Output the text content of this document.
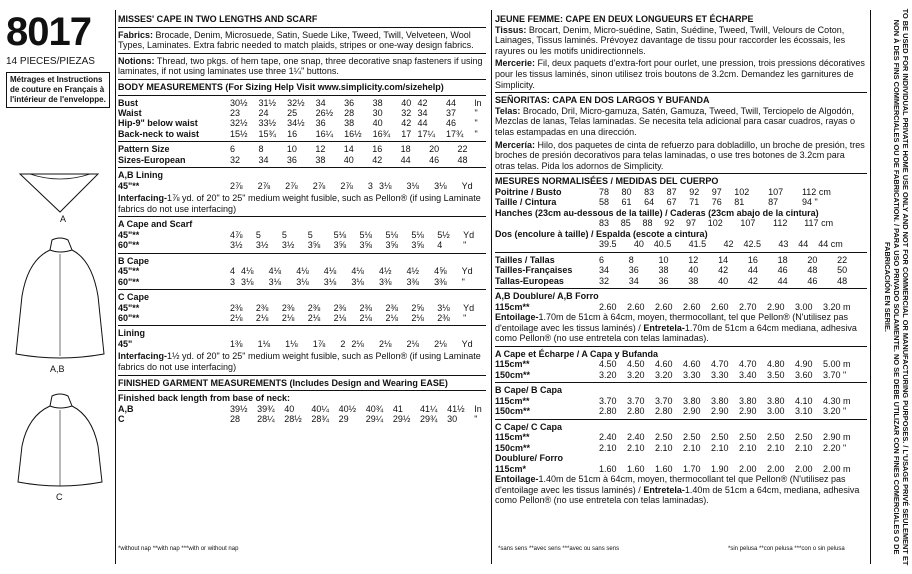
8017
14 PIECES/PIEZAS
Métrages et Instructions de couture en Français à l'intérieur de l'enveloppe.
A
A,B
C
MISSES' CAPE IN TWO LENGTHS AND SCARF
Fabrics: Brocade, Denim, Microsuede, Satin, Suede Like, Tweed, Twill, Velveteen, Wool Types, Laminates. Extra fabric needed to match plaids, stripes or one-way design fabrics.
Notions: Thread, two pkgs. of hem tape, one snap, three decorative snap fasteners if using laminates, if not using laminates use three 1¼" buttons.
BODY MEASUREMENTS (For Sizing Help Visit www.simplicity.com/sizehelp)
Bust	30½	31½	32½	34	36	38	40	42	44	ln
Waist	23	24	25	26½	28	30	32	34	37	"
Hip-9" below waist	32½	33½	34½	36	38	40	42	44	46	"
Back-neck to waist	15½	15¾	16	16¼	16½	16¾	17	17¼	17¾	"
Pattern Size	6	8	10	12	14	16	18	20	22	
Sizes-European	32	34	36	38	40	42	44	46	48	
A,B Lining
45"**	2⅞	2⅞	2⅞	2⅞	2⅞	3	3⅛	3⅛	3⅛	Yd
Interfacing-1⅞ yd. of 20" to 25" medium weight fusible, such as Pellon® (if using Laminate fabrics do not use interfacing)
A Cape and Scarf
45"**	4⅞	5	5	5	5⅛	5⅛	5⅛	5⅛	5½	Yd
60"**	3½	3½	3½	3⅝	3⅝	3⅝	3⅝	3⅝	4	"
B Cape
45"**	4	4⅛	4⅛	4⅛	4⅛	4⅛	4½	4½	4⅝	Yd
60"**	3	3⅛	3⅛	3⅛	3⅛	3⅛	3⅜	3⅜	3⅜	"
C Cape
45"**	2⅜	2⅜	2⅜	2⅜	2⅜	2⅜	2⅜	2⅝	3⅛	Yd
60"**	2⅛	2⅛	2⅛	2⅛	2⅛	2⅛	2⅛	2⅛	2⅜	"
Lining
45"	1⅜	1⅛	1⅛	1⅞	2	2⅛	2⅛	2⅛	2⅛	Yd
Interfacing-1½ yd. of 20" to 25" medium weight fusible, such as Pellon® (if using Laminate fabrics do not use interfacing)
FINISHED GARMENT MEASUREMENTS (Includes Design and Wearing EASE)
Finished back length from base of neck:
A,B	39½	39¾	40	40¼	40½	40¾	41	41¼	41½	In
C	28	28¼	28½	28¾	29	29¼	29½	29¾	30	"
*without nap **with nap ***with or without nap
JEUNE FEMME: CAPE EN DEUX LONGUEURS ET ÉCHARPE
Tissus: Brocart, Denim, Micro-suédine, Satin, Suédine, Tweed, Twill, Velours de Coton, Lainages, Tissus laminés. Prévoyez davantage de tissu pour raccorder les écossais, les rayures ou les motifs unidirectionnels.
Mercerie: Fil, deux paquets d'extra-fort pour ourlet, une pression, trois pressions décoratives pour les tissus laminés, sinon utilisez trois boutons de 3.2cm. Demandez les garnitures de Simplicity.
SEÑORITAS: CAPA EN DOS LARGOS Y BUFANDA
Telas: Brocado, Dril, Micro-gamuza, Satén, Gamuza, Tweed, Twill, Terciopelo de Algodón, Mezclas de lanas, Telas laminadas. Se necesita tela adicional para casar cuadros, rayas o telas estampadas en una dirección.
Mercería: Hilo, dos paquetes de cinta de refuerzo para dobladillo, un broche de presión, tres broches de presión decorativos para telas laminadas, o use tres botones de 3.2cm para otras telas. Pida los adornos de Simplicity.
MESURES NORMALISÉES / MEDIDAS DEL CUERPO
Poitrine / Busto	78	80	83	87	92	97	102	107	112 cm
Taille / Cintura	58	61	64	67	71	76	81	87	94 "
Hanches (23cm au-dessous de la taille) / Caderas (23cm abajo de la cintura)
	83	85	88	92	97	102	107	112	117 cm
Dos (encolure à taille) / Espalda (escote a cintura)
	39.5	40	40.5	41.5	42	42.5	43	44	44 cm
Tailles / Tallas	6	8	10	12	14	16	18	20	22
Tailles-Françaises	34	36	38	40	42	44	46	48	50
Tallas-Europeas	32	34	36	38	40	42	44	46	48
A,B Doublure/ A,B Forro
115cm**	2.60	2.60	2.60	2.60	2.60	2.70	2.90	3.00	3.20 m
Entoilage-1.70m de 51cm à 64cm, moyen, thermocollant, tel que Pellon® (N'utilisez pas d'entoilage avec les tissus laminés) / Entretela-1.70m de 51cm a 64cm mediana, adhesiva como Pellon® (no use entretela con telas laminadas).
A Cape et Écharpe / A Capa y Bufanda
115cm**	4.50	4.50	4.60	4.60	4.70	4.70	4.80	4.90	5.00 m
150cm**	3.20	3.20	3.20	3.30	3.30	3.40	3.50	3.60	3.70 "
B Cape/ B Capa
115cm**	3.70	3.70	3.70	3.80	3.80	3.80	3.80	4.10	4.30 m
150cm**	2.80	2.80	2.80	2.90	2.90	2.90	3.00	3.10	3.20 "
C Cape/ C Capa
115cm**	2.40	2.40	2.50	2.50	2.50	2.50	2.50	2.50	2.90 m
150cm**	2.10	2.10	2.10	2.10	2.10	2.10	2.10	2.10	2.20 "
Doublure/ Forro
115cm*	1.60	1.60	1.60	1.70	1.90	2.00	2.00	2.00	2.00 m
Entoilage-1.40m de 51cm à 64cm, moyen, thermocollant tel que Pellon® (N'utilisez pas d'entoilage avec les tissus laminés) / Entretela-1.40m de 51cm a 64cm, mediana, adhesiva como Pellon® (no use entretela con telas laminadas).
*sans sens **avec sens ***avec ou sans sens	*sin pelusa **con pelusa ***con o sin pelusa	TO BE USED FOR INDIVIDUAL PRIVATE HOME USE ONLY AND NOT FOR COMMERCIAL OR MANUFACTURING PURPOSES. / L'USAGE PRIVÉ SEULEMENT ET NON À DES FINS COMMERCIALES OU DE FABRICATION. / PARA USO PRIVADO SOLAMENTE. NO SE DEBE UTILIZAR CON FINES COMERCIALES O DE FABRICACIÓN EN SERIE.
